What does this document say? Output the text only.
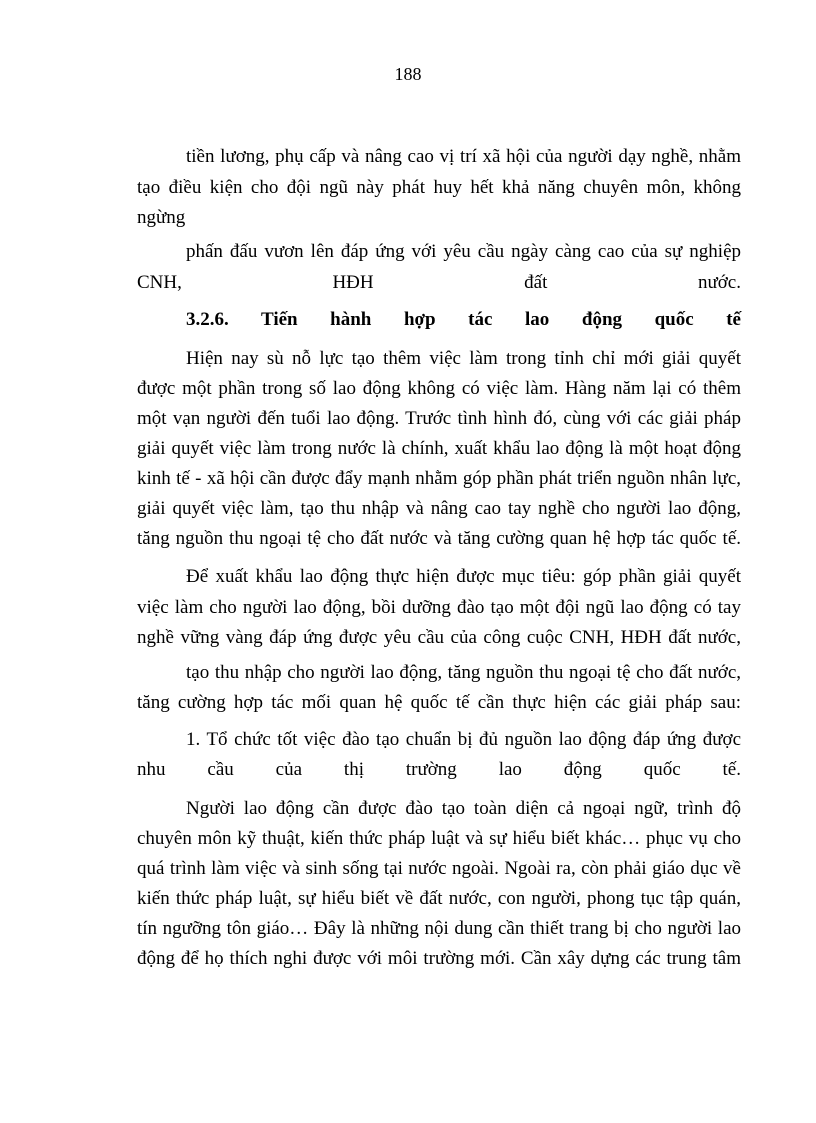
188
tiền lương, phụ cấp và nâng cao vị trí xã hội của người dạy nghề, nhằm
tạo điều kiện cho đội ngũ này phát huy hết khả năng chuyên môn, không
ngừng
phấn đấu vươn lên đáp ứng với yêu cầu ngày càng cao của sự nghiệp
CNH, HĐH đất nước.
3.2.6. Tiến hành hợp tác lao động quốc tế
Hiện nay sù nỗ lực tạo thêm việc làm trong tỉnh chỉ mới giải quyết
được một phần trong số lao động không có việc làm. Hàng năm lại có thêm
một vạn người đến tuổi lao động. Trước tình hình đó, cùng với các giải pháp
giải quyết việc làm trong nước là chính, xuất khẩu lao động là một hoạt động
kinh tế - xã hội cần được đẩy mạnh nhằm góp phần phát triển nguồn nhân lực,
giải quyết việc làm, tạo thu nhập và nâng cao tay nghề cho người lao động,
tăng nguồn thu ngoại tệ cho đất nước và tăng cường quan hệ hợp tác quốc tế.
Để xuất khẩu lao động thực hiện được mục tiêu: góp phần giải quyết
việc làm cho người lao động, bồi dưỡng đào tạo một đội ngũ lao động có tay
nghề vững vàng đáp ứng được yêu cầu của công cuộc CNH, HĐH đất nước,
tạo thu nhập cho người lao động, tăng nguồn thu ngoại tệ cho đất nước,
tăng cường hợp tác mối quan hệ quốc tế cần thực hiện các giải pháp sau:
1. Tổ chức tốt việc đào tạo chuẩn bị đủ nguồn lao động đáp ứng được
nhu cầu của thị trường lao động quốc tế.
Người lao động cần được đào tạo toàn diện cả ngoại ngữ, trình độ
chuyên môn kỹ thuật, kiến thức pháp luật và sự hiểu biết khác… phục vụ cho
quá trình làm việc và sinh sống tại nước ngoài. Ngoài ra, còn phải giáo dục về
kiến thức pháp luật, sự hiểu biết về đất nước, con người, phong tục tập quán,
tín ngưỡng tôn giáo… Đây là những nội dung cần thiết trang bị cho người lao
động để họ thích nghi được với môi trường mới. Cần xây dựng các trung tâm
